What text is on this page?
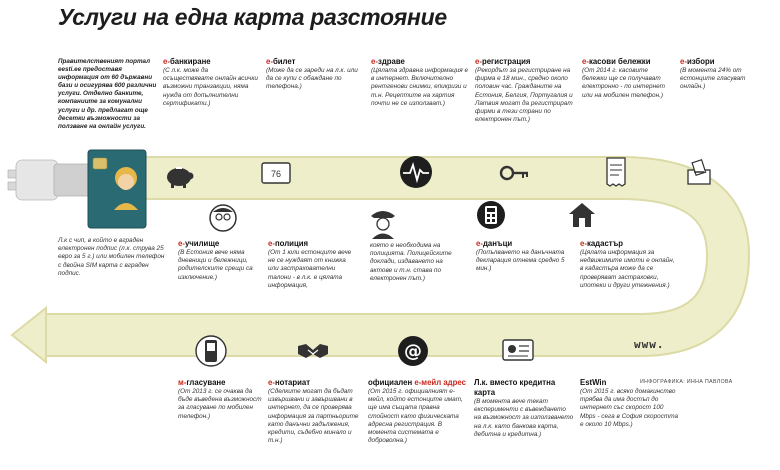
Услуги на една карта разстояние
Правителственият портал eesti.ee предоставя информация от 60 държавни бази и осигурява 600 различни услуги. Отделно банките, компаниите за комунални услуги и др. предлагат още десетки възможности за ползване на онлайн услуги.
Л.к с чип, в който е вграден електронен подпис (л.к. струва 25 евро за 5 г.) или мобилен телефон с двойна SIM карта с вграден подпис.
е-банкиране
(С л.к. може да осъществявате онлайн всички възможни транзакции, няма нужда от допълнителни сертификати.)
е-билет
(Може да се зареди на л.к. или да се купи с обаждане по телефона.)
е-здраве
(Цялата здравна информация е в интернет. Включително рентгенови снимки, епикризи и т.н. Рецептите на хартия почти не се използват.)
е-регистрация
(Рекордът за регистриране на фирма е 18 мин., средно около половин час. Гражданите на Естония, Белгия, Португалия и Латвия могат да регистрират фирми в тези страни по електронен път.)
е-касови бележки
(От 2014 г. касовите бележки ще се получават електронно - по интернет или на мобилен телефон.)
е-избори
(В момента 24% от естонците гласуват онлайн.)
е-училище
(В Естония вече няма дневници и бележници, родителските срещи са изключение.)
е-полиция
(От 1 юли естонците вече не се нуждаят от книжка или застрахователни талони - в л.к. е цялата информация,
която е необходима на полицията. Полицейските доклади, издаването на актове и т.н. става по електронен път.)
е-данъци
(Попълването на данъчната декларация отнема средно 5 мин.)
е-кадастър
(Цялата информация за недвижимите имоти е онлайн, в кадастъра може да се проверяват застраховки, ипотеки и други утежнения.)
м-гласуване
(От 2013 г. се очаква да бъде въведена възможност за гласуване по мобилен телефон.)
е-нотариат
(Сделките могат да бъдат извършвани и завършвани в интернет, да се проверява информация за партньорите като данъчни задължения, кредити, съдебно минало и т.н.)
официален е-мейл адрес
(От 2015 г. официалният е-мейл, който естонците имат, ще има същата правна стойност като физическата адресна регистрация. В момента системата е доброволна.)
Л.к. вместо кредитна карта
(В момента вече текат експерименти с въвеждането на възможност за използването на л.к. като банкова карта, дебитна и кредитна.)
EstWin
(От 2015 г. всяко домакинство трябва да има достъп до интернет със скорост 100 Mbps - сега в София скоростта е около 10 Mbps.)
ИНФОГРАФИКА: ИННА ПАВЛОВА
76
@	www.
